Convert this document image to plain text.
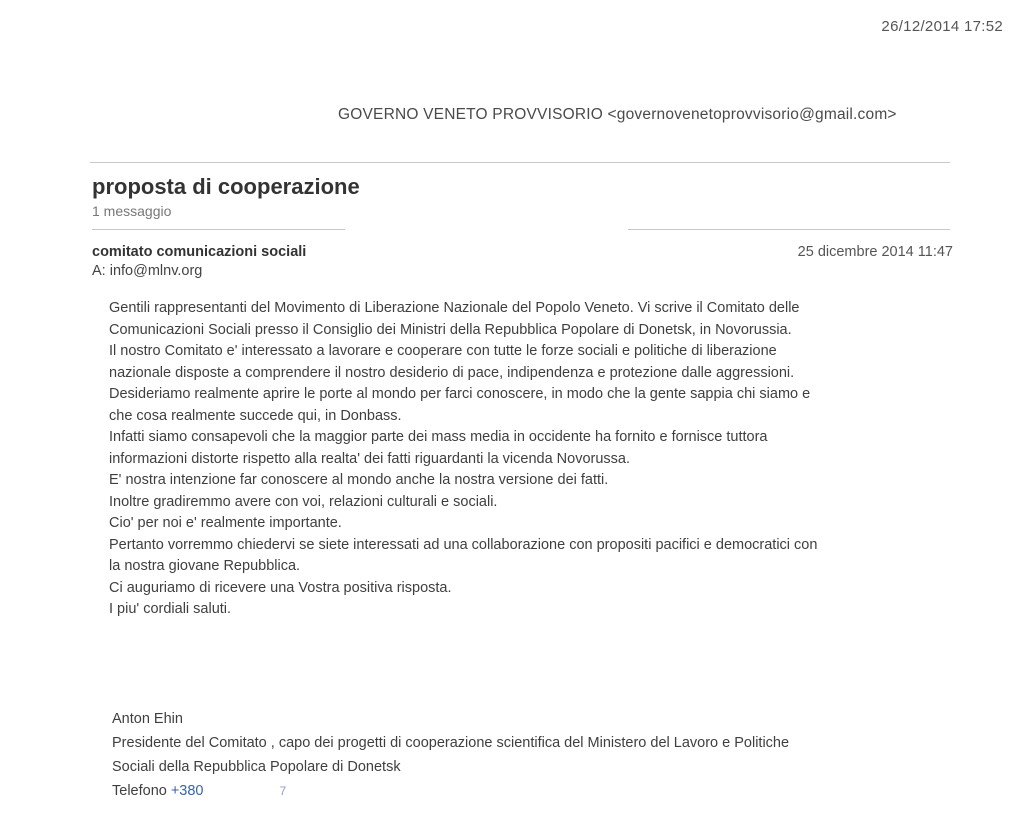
26/12/2014 17:52
GOVERNO VENETO PROVVISORIO <governovenetoprovvisorio@gmail.com>
proposta di cooperazione
1 messaggio
comitato comunicazioni sociali
A: info@mlnv.org
25 dicembre 2014 11:47
Gentili rappresentanti del Movimento di Liberazione Nazionale del Popolo Veneto. Vi scrive il Comitato delle
Comunicazioni Sociali presso il Consiglio dei Ministri della Repubblica Popolare di Donetsk, in Novorussia.
Il nostro Comitato e' interessato a lavorare e cooperare con tutte le forze sociali e politiche di liberazione
nazionale disposte a comprendere il nostro desiderio di pace, indipendenza e protezione dalle aggressioni.
Desideriamo realmente aprire le porte al mondo per farci conoscere, in modo che la gente sappia chi siamo e
che cosa realmente succede qui, in Donbass.
Infatti siamo consapevoli che la maggior parte dei mass media in occidente ha fornito e fornisce tuttora
informazioni distorte rispetto alla realta' dei fatti riguardanti la vicenda Novorussa.
E' nostra intenzione far conoscere al mondo anche la nostra versione dei fatti.
Inoltre gradiremmo avere con voi, relazioni culturali e sociali.
Cio' per noi e' realmente importante.
Pertanto vorremmo chiedervi se siete interessati ad una collaborazione con propositi pacifici e democratici con
la nostra giovane Repubblica.
Ci auguriamo di ricevere una Vostra positiva risposta.
I piu' cordiali saluti.
Anton Ehin
Presidente del Comitato , capo dei progetti di cooperazione scientifica del Ministero del Lavoro e Politiche
Sociali della Repubblica Popolare di Donetsk
Telefono +380	7
